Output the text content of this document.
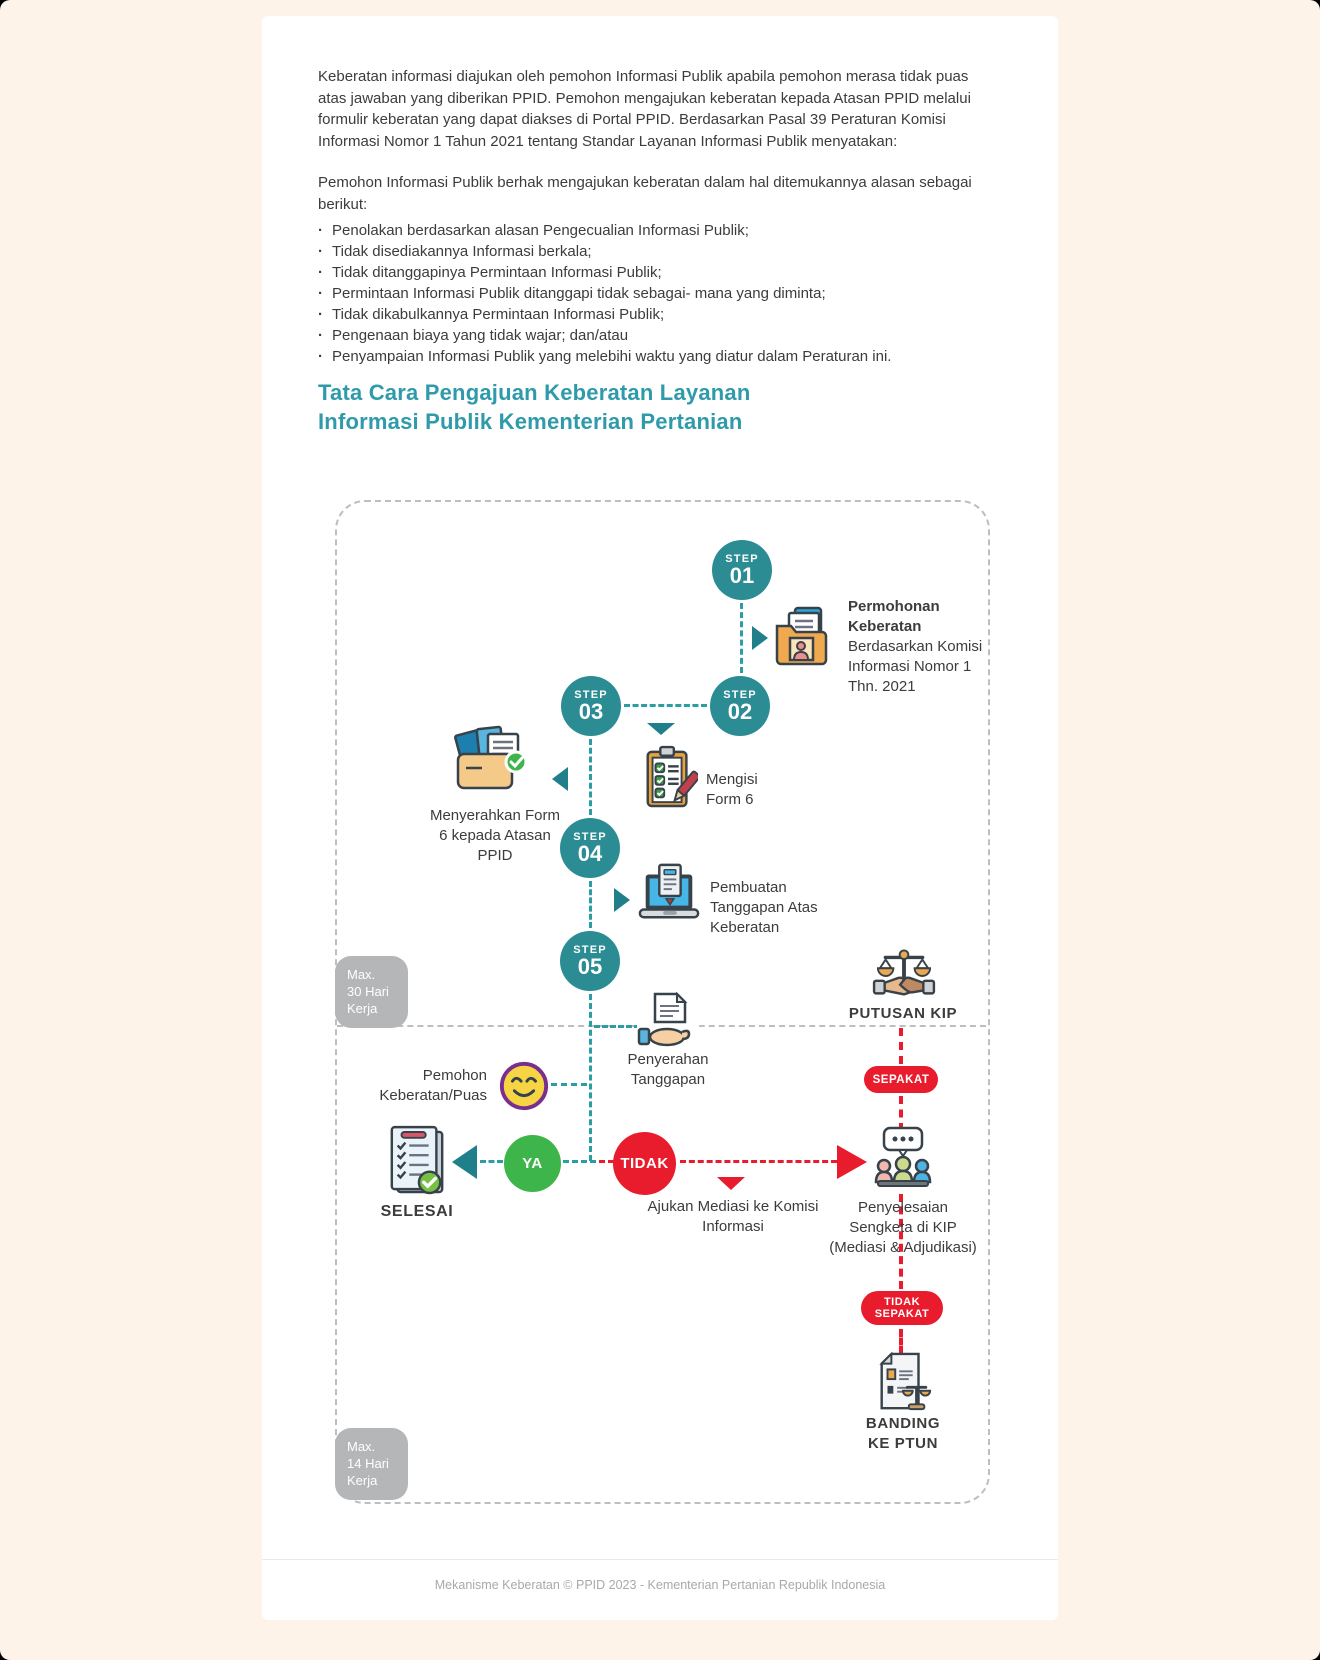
Keberatan informasi diajukan oleh pemohon Informasi Publik apabila pemohon merasa tidak puas atas jawaban yang diberikan PPID. Pemohon mengajukan keberatan kepada Atasan PPID melalui formulir keberatan yang dapat diakses di Portal PPID. Berdasarkan Pasal 39 Peraturan Komisi Informasi Nomor 1 Tahun 2021 tentang Standar Layanan Informasi Publik menyatakan:
Pemohon Informasi Publik berhak mengajukan keberatan dalam hal ditemukannya alasan sebagai berikut:
· Penolakan berdasarkan alasan Pengecualian Informasi Publik;
· Tidak disediakannya Informasi berkala;
· Tidak ditanggapinya Permintaan Informasi Publik;
· Permintaan Informasi Publik ditanggapi tidak sebagai- mana yang diminta;
· Tidak dikabulkannya Permintaan Informasi Publik;
· Pengenaan biaya yang tidak wajar; dan/atau
· Penyampaian Informasi Publik yang melebihi waktu yang diatur dalam Peraturan ini.
Tata Cara Pengajuan Keberatan Layanan
Informasi Publik Kementerian Pertanian
STEP
01
STEP
02
STEP
03
STEP
04
STEP
05
Max.
30 Hari
Kerja
Max.
14 Hari
Kerja
YA	TIDAK
SEPAKAT
TIDAK
SEPAKAT
Permohonan Keberatan
Berdasarkan Komisi Informasi Nomor 1 Thn. 2021
Mengisi Form 6
Menyerahkan Form 6 kepada Atasan PPID
Pembuatan Tanggapan Atas Keberatan
Penyerahan Tanggapan
Pemohon Keberatan/Puas
SELESAI	Ajukan Mediasi ke Komisi Informasi
PUTUSAN KIP
Penyelesaian
Sengketa di KIP
(Mediasi & Adjudikasi)
BANDING
KE PTUN
Mekanisme Keberatan © PPID 2023 - Kementerian Pertanian Republik Indonesia
